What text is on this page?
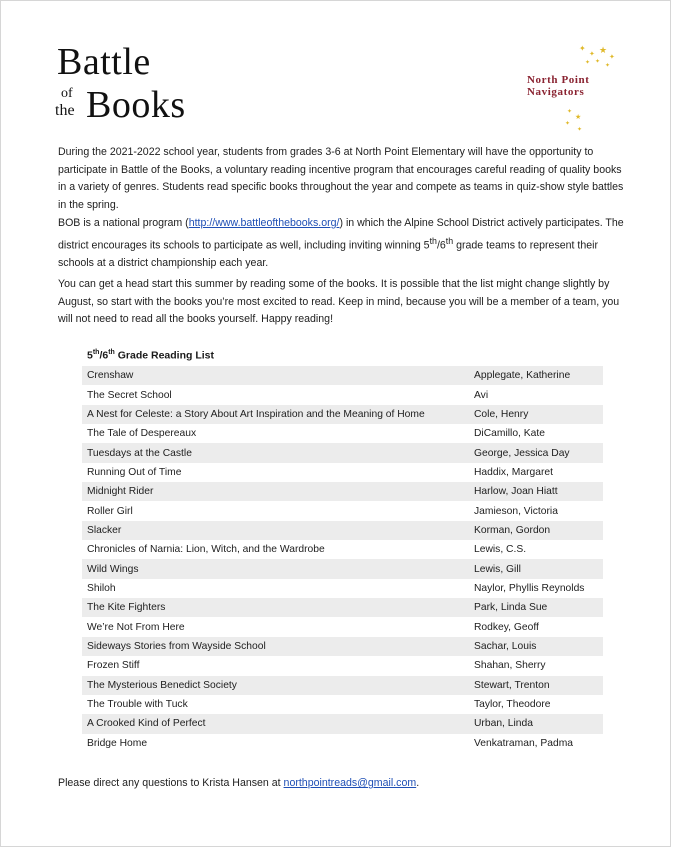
Battle
of
the Books
✦
✦ ★
✦
✦
✦ ✦
✦
★
✦
✦
North Point
Navigators
During the 2021-2022 school year, students from grades 3-6 at North Point Elementary will have the opportunity to participate in Battle of the Books, a voluntary reading incentive program that encourages careful reading of quality books in a variety of genres. Students read specific books throughout the year and compete as teams in quiz-show style battles in the spring.
BOB is a national program (http://www.battleofthebooks.org/) in which the Alpine School District actively participates. The district encourages its schools to participate as well, including inviting winning 5th/6th grade teams to represent their schools at a district championship each year.
You can get a head start this summer by reading some of the books. It is possible that the list might change slightly by August, so start with the books you’re most excited to read. Keep in mind, because you will be a member of a team, you will not need to read all the books yourself. Happy reading!
5th/6th Grade Reading List
Crenshaw	Applegate, Katherine
The Secret School	Avi
A Nest for Celeste: a Story About Art Inspiration and the Meaning of Home	Cole, Henry
The Tale of Despereaux	DiCamillo, Kate
Tuesdays at the Castle	George, Jessica Day
Running Out of Time	Haddix, Margaret
Midnight Rider	Harlow, Joan Hiatt
Roller Girl	Jamieson, Victoria
Slacker	Korman, Gordon
Chronicles of Narnia: Lion, Witch, and the Wardrobe	Lewis, C.S.
Wild Wings	Lewis, Gill
Shiloh	Naylor, Phyllis Reynolds
The Kite Fighters	Park, Linda Sue
We’re Not From Here	Rodkey, Geoff
Sideways Stories from Wayside School	Sachar, Louis
Frozen Stiff	Shahan, Sherry
The Mysterious Benedict Society	Stewart, Trenton
The Trouble with Tuck	Taylor, Theodore
A Crooked Kind of Perfect	Urban, Linda
Bridge Home	Venkatraman, Padma
Please direct any questions to Krista Hansen at northpointreads@gmail.com.
